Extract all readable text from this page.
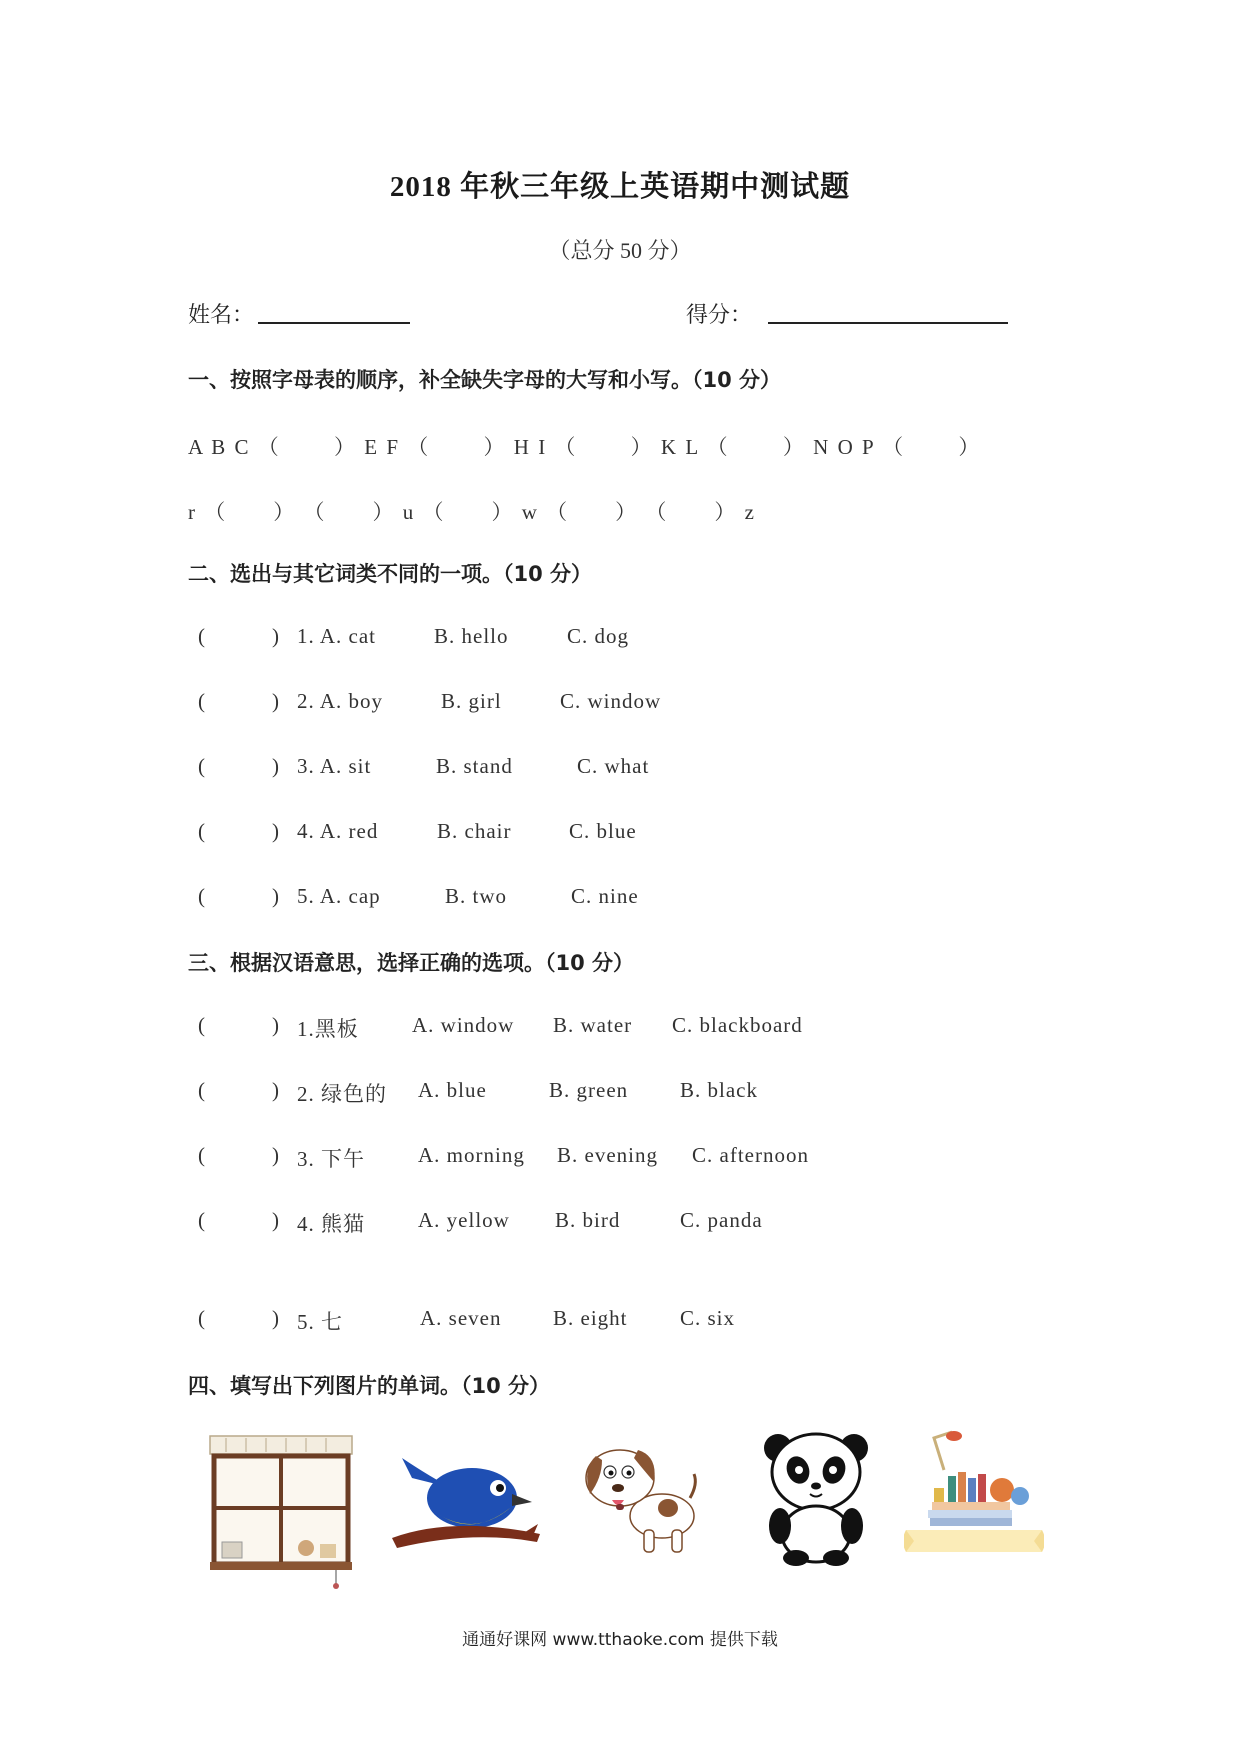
2018 年秋三年级上英语期中测试题
（总分 50 分）
姓名：	得分：
一、按照字母表的顺序，补全缺失字母的大写和小写。（10 分）
A B C （　　 ） E F （　　 ） H I （　　 ） K L （　　 ） N O P （　　 ）
r （　　） （　　） u （　　） w （　　） （　　） z
二、选出与其它词类不同的一项。（10 分）
(	) 1. A. cat	B. hello	C. dog
(	) 2. A. boy	B. girl	C. window
(	) 3. A. sit	B. stand	C. what
(	) 4. A. red	B. chair	C. blue
(	) 5. A. cap	B. two	C. nine
三、根据汉语意思，选择正确的选项。（10 分）
(	) 1.黑板	A. window B. water C. blackboard
(	) 2. 绿色的 A. blue	B. green B. black
(	) 3. 下午	A. morning B. evening C. afternoon
(	) 4. 熊猫	A. yellow B. bird	C. panda
(	) 5. 七	A. seven B. eight	C. six
四、填写出下列图片的单词。（10 分）
通通好课网 www.tthaoke.com 提供下载
